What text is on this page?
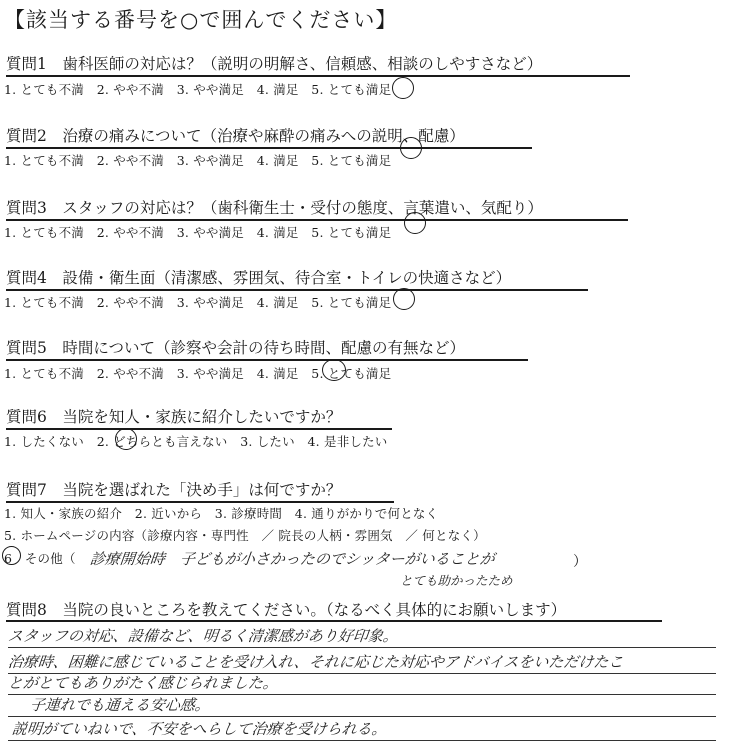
【該当する番号を○で囲んでください】
質問1　歯科医師の対応は？（説明の明解さ、信頼感、相談のしやすさなど）
1. とても不満　2. やや不満　3. やや満足　4. 満足　5. とても満足
質問2　治療の痛みについて（治療や麻酔の痛みへの説明、配慮）
1. とても不満　2. やや不満　3. やや満足　4. 満足　5. とても満足
質問3　スタッフの対応は？（歯科衛生士・受付の態度、言葉遣い、気配り）
1. とても不満　2. やや不満　3. やや満足　4. 満足　5. とても満足
質問4　設備・衛生面（清潔感、雰囲気、待合室・トイレの快適さなど）
1. とても不満　2. やや不満　3. やや満足　4. 満足　5. とても満足
質問5　時間について（診察や会計の待ち時間、配慮の有無など）
1. とても不満　2. やや不満　3. やや満足　4. 満足　5. とても満足
質問6　当院を知人・家族に紹介したいですか？
1. したくない　2. どちらとも言えない　3. したい　4. 是非したい
質問7　当院を選ばれた「決め手」は何ですか？
1. 知人・家族の紹介　2. 近いから　3. 診療時間　4. 通りがかりで何となく
5. ホームページの内容（診療内容・専門性　／ 院長の人柄・雰囲気　／ 何となく）
6　その他（ 診療開始時　子どもが小さかったのでシッターがいることが	）
とても助かったため
質問8　当院の良いところを教えてください。（なるべく具体的にお願いします）
スタッフの対応、設備など、明るく清潔感があり好印象。
治療時、困難に感じていることを受け入れ、それに応じた対応やアドバイスをいただけたこ
とがとてもありがたく感じられました。
子連れでも通える安心感。
説明がていねいで、不安をへらして治療を受けられる。
